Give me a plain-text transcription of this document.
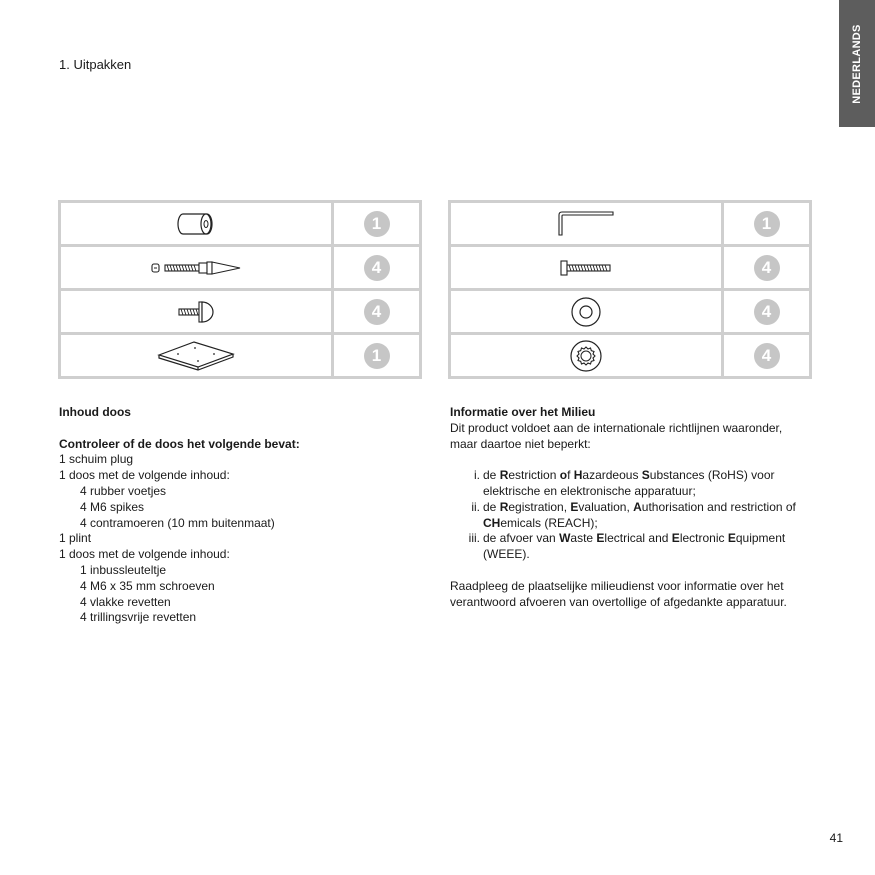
NEDERLANDS
1. Uitpakken
	1

	4

	4

	1
	1

	4

	4

	4
Inhoud doos
Controleer of de doos het volgende bevat:
1 schuim plug
1 doos met de volgende inhoud:
4 rubber voetjes
4 M6 spikes
4 contramoeren (10 mm buitenmaat)
1 plint
1 doos met de volgende inhoud:
1 inbussleuteltje
4 M6 x 35 mm schroeven
4 vlakke revetten
4 trillingsvrije revetten
Informatie over het Milieu
Dit product voldoet aan de internationale richtlijnen waaronder,
maar daartoe niet beperkt:
i. de Restriction of Hazardeous Substances (RoHS) voor elektrische en elektronische apparatuur;
ii. de Registration, Evaluation, Authorisation and restriction of CHemicals (REACH);
iii. de afvoer van Waste Electrical and Electronic Equipment (WEEE).
Raadpleeg de plaatselijke milieudienst voor informatie over het
verantwoord afvoeren van overtollige of afgedankte apparatuur.
41
